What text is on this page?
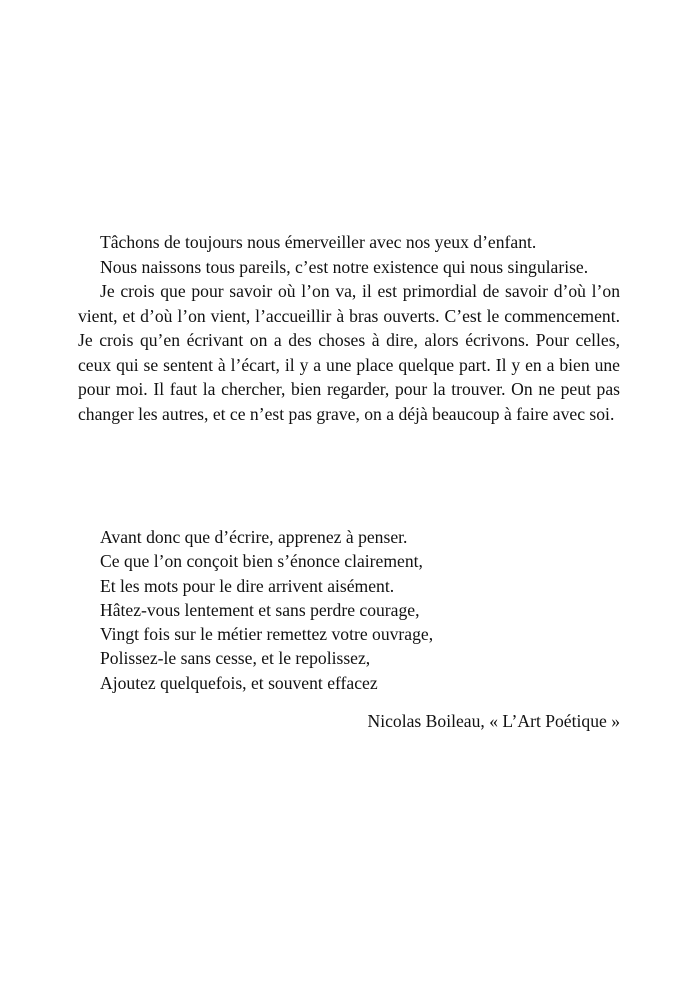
Tâchons de toujours nous émerveiller avec nos yeux d’enfant.

Nous naissons tous pareils, c’est notre existence qui nous singularise.

Je crois que pour savoir où l’on va, il est primordial de savoir d’où l’on vient, et d’où l’on vient, l’accueillir à bras ouverts. C’est le commencement. Je crois qu’en écrivant on a des choses à dire, alors écrivons. Pour celles, ceux qui se sentent à l’écart, il y a une place quelque part. Il y en a bien une pour moi. Il faut la chercher, bien regarder, pour la trouver. On ne peut pas changer les autres, et ce n’est pas grave, on a déjà beaucoup à faire avec soi.

Avant donc que d’écrire, apprenez à penser.
Ce que l’on conçoit bien s’énonce clairement,
Et les mots pour le dire arrivent aisément.
Hâtez-vous lentement et sans perdre courage,
Vingt fois sur le métier remettez votre ouvrage,
Polissez-le sans cesse, et le repolissez,
Ajoutez quelquefois, et souvent effacez
Nicolas Boileau, « L’Art Poétique »
